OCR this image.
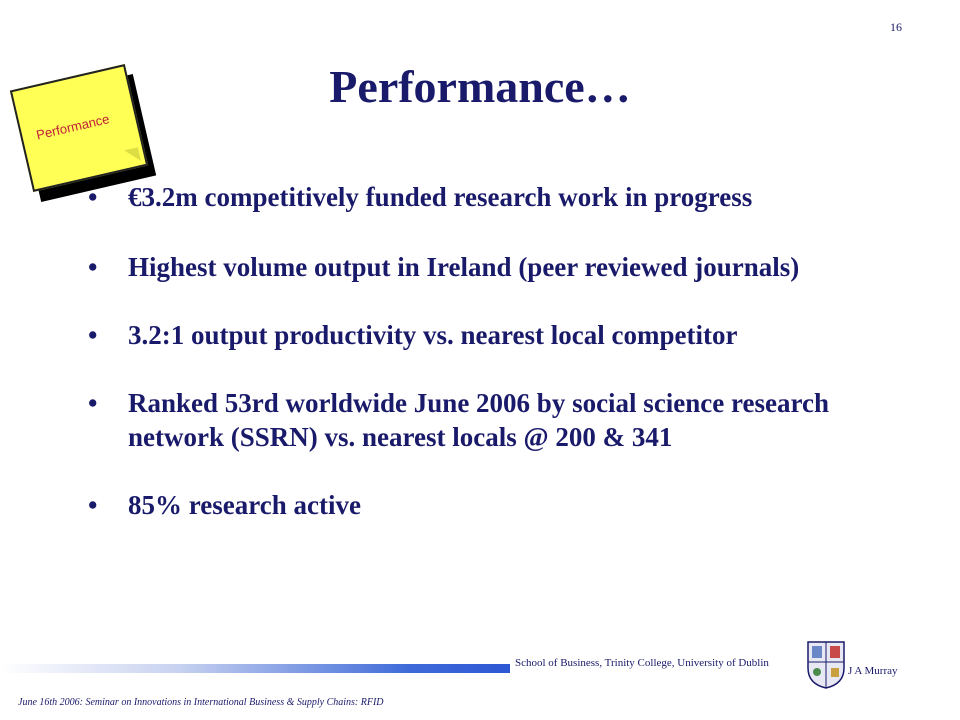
16
Performance
Performance…
• €3.2m competitively funded research work in progress
• Highest volume output in Ireland (peer reviewed journals)
• 3.2:1 output productivity vs. nearest local competitor
• Ranked 53rd worldwide June 2006 by social science research network (SSRN) vs. nearest locals @ 200 & 341
• 85% research active
School of Business, Trinity College, University of Dublin
J A Murray
June 16th 2006: Seminar on Innovations in International Business & Supply Chains: RFID
